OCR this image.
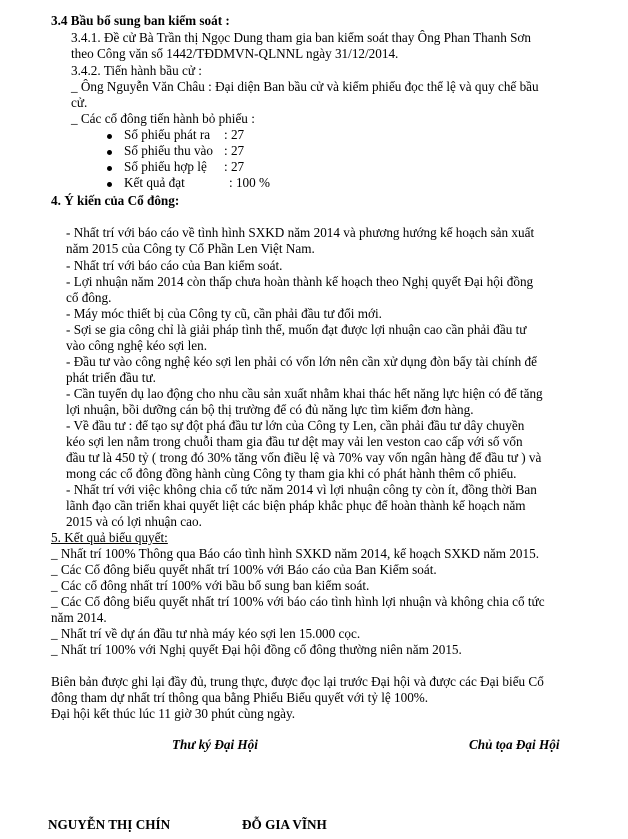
3.4 Bầu bổ sung ban kiểm soát :
3.4.1. Đề cử Bà Trần thị Ngọc Dung tham gia ban kiểm soát thay Ông Phan Thanh Sơn
theo Công văn số 1442/TĐDMVN-QLNNL ngày 31/12/2014.
3.4.2. Tiến hành bầu cử :
_ Ông Nguyễn Văn Châu : Đại diện Ban bầu cử và kiểm phiếu đọc thể lệ và quy chế bầu
cử.
_ Các cổ đông tiến hành bỏ phiếu :
Số phiếu phát ra : 27
Số phiếu thu vào : 27
Số phiếu hợp lệ : 27
Kết quả đạt	: 100 %
4. Ý kiến của Cổ đông:
- Nhất trí với báo cáo về tình hình SXKD năm 2014 và phương hướng kế hoạch sản xuất
năm 2015 của Công ty Cổ Phần Len Việt Nam.
- Nhất trí với báo cáo của Ban kiểm soát.
- Lợi nhuận năm 2014 còn thấp chưa hoàn thành kế hoạch theo Nghị quyết Đại hội đồng
cổ đông.
- Máy móc thiết bị của Công ty cũ, cần phải đầu tư đổi mới.
- Sợi se gia công chỉ là giải pháp tình thế, muốn đạt được lợi nhuận cao cần phải đầu tư
vào công nghệ kéo sợi len.
- Đầu tư vào công nghệ kéo sợi len phải có vốn lớn nên cần xử dụng đòn bẩy tài chính để
phát triển đầu tư.
- Cần tuyển dụ lao động cho nhu cầu sản xuất nhằm khai thác hết năng lực hiện có để tăng
lợi nhuận, bồi dưỡng cán bộ thị trường để có đủ năng lực tìm kiếm đơn hàng.
- Về đầu tư : để tạo sự đột phá đầu tư lớn của Công ty Len, cần phải đầu tư dây chuyền
kéo sợi len nằm trong chuỗi tham gia đầu tư dệt may vải len veston cao cấp với số vốn
đầu tư là 450 tỷ ( trong đó 30% tăng vốn điều lệ và 70% vay vốn ngân hàng để đầu tư ) và
mong các cổ đông đồng hành cùng Công ty tham gia khi có phát hành thêm cổ phiếu.
- Nhất trí với việc không chia cổ tức năm 2014 vì lợi nhuận công ty còn ít, đồng thời Ban
lãnh đạo cần triển khai quyết liệt các biện pháp khắc phục để hoàn thành kế hoạch năm
2015 và có lợi nhuận cao.
5. Kết quả biểu quyết:
_ Nhất trí 100% Thông qua Báo cáo tình hình SXKD năm 2014, kế hoạch SXKD năm 2015.
_ Các Cổ đông biểu quyết nhất trí 100% với Báo cáo của Ban Kiểm soát.
_ Các cổ đông nhất trí 100% với bầu bổ sung ban kiểm soát.
_ Các Cổ đông biểu quyết nhất trí 100% với báo cáo tình hình lợi nhuận và không chia cổ tức
năm 2014.
_ Nhất trí về dự án đầu tư nhà máy kéo sợi len 15.000 cọc.
_ Nhất trí 100% với Nghị quyết Đại hội đồng cổ đông thường niên năm 2015.
Biên bản được ghi lại đầy đủ, trung thực, được đọc lại trước Đại hội và được các Đại biểu Cổ
đông tham dự nhất trí thông qua bằng Phiếu Biểu quyết với tỷ lệ 100%.
Đại hội kết thúc lúc 11 giờ 30 phút cùng ngày.
Thư ký Đại Hội	Chủ tọa Đại Hội
NGUYỄN THỊ CHÍN	ĐỖ GIA VĨNH
